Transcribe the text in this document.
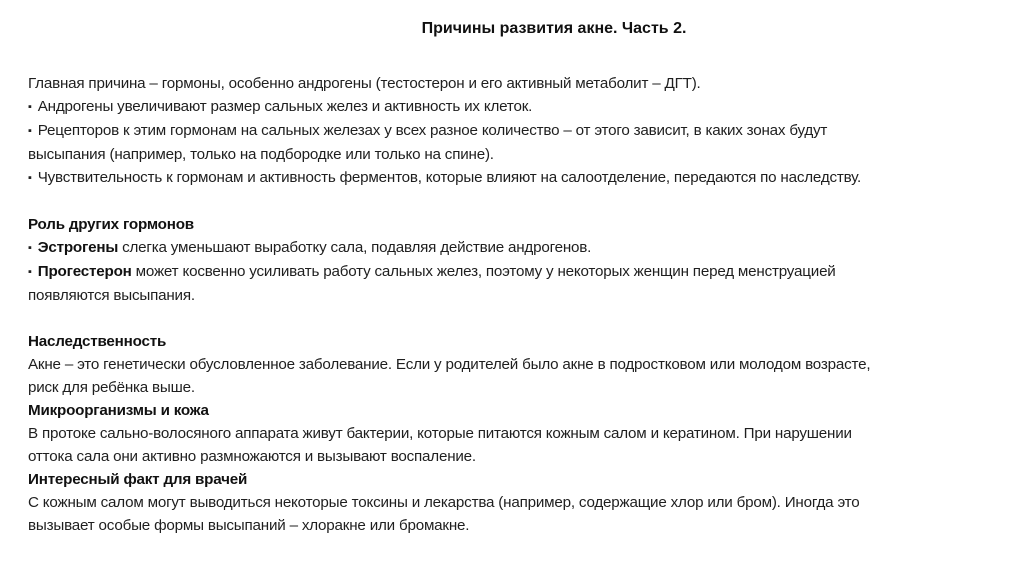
Причины развития акне. Часть 2.
Главная причина – гормоны, особенно андрогены (тестостерон и его активный метаболит – ДГТ).
▪ Андрогены увеличивают размер сальных желез и активность их клеток.
▪ Рецепторов к этим гормонам на сальных железах у всех разное количество – от этого зависит, в каких зонах будут
высыпания (например, только на подбородке или только на спине).
▪ Чувствительность к гормонам и активность ферментов, которые влияют на салоотделение, передаются по наследству.
Роль других гормонов
▪ Эстрогены слегка уменьшают выработку сала, подавляя действие андрогенов.
▪ Прогестерон может косвенно усиливать работу сальных желез, поэтому у некоторых женщин перед менструацией
появляются высыпания.
Наследственность
Акне – это генетически обусловленное заболевание. Если у родителей было акне в подростковом или молодом возрасте,
риск для ребёнка выше.
Микроорганизмы и кожа
В протоке сально-волосяного аппарата живут бактерии, которые питаются кожным салом и кератином. При нарушении
оттока сала они активно размножаются и вызывают воспаление.
Интересный факт для врачей
С кожным салом могут выводиться некоторые токсины и лекарства (например, содержащие хлор или бром). Иногда это
вызывает особые формы высыпаний – хлоракне или бромакне.
